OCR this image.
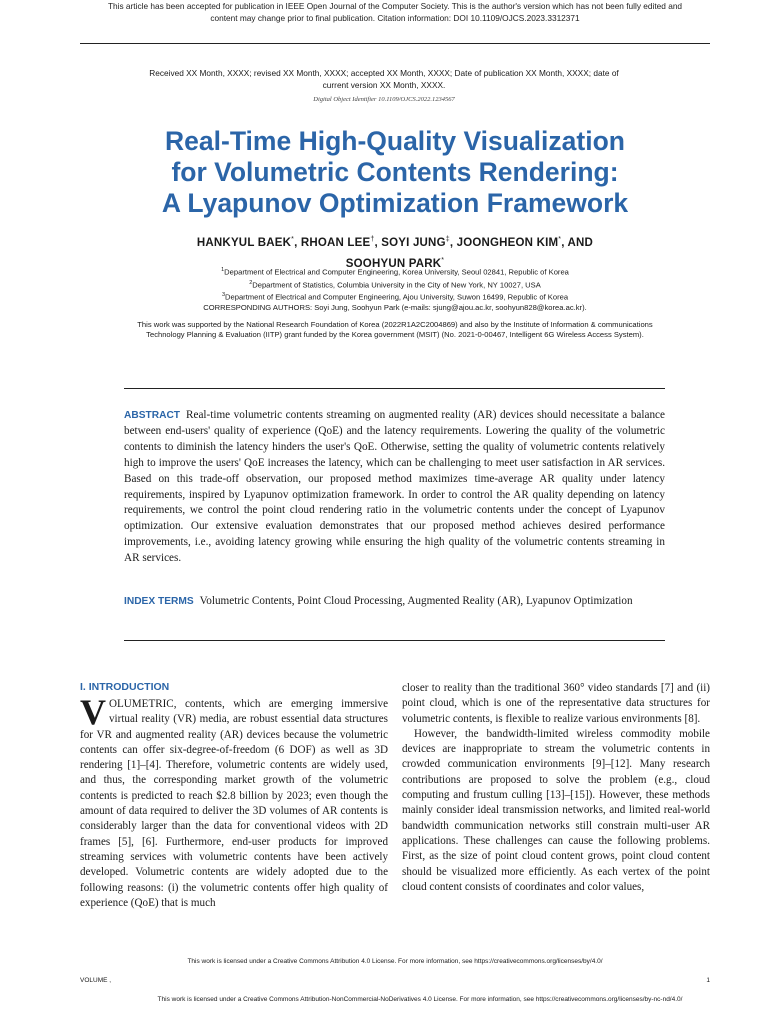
This article has been accepted for publication in IEEE Open Journal of the Computer Society. This is the author's version which has not been fully edited and
content may change prior to final publication. Citation information: DOI 10.1109/OJCS.2023.3312371
Received XX Month, XXXX; revised XX Month, XXXX; accepted XX Month, XXXX; Date of publication XX Month, XXXX; date of
current version XX Month, XXXX.
Digital Object Identifier 10.1109/OJCS.2022.1234567
Real-Time High-Quality Visualization
for Volumetric Contents Rendering:
A Lyapunov Optimization Framework
HANKYUL BAEK*, RHOAN LEE†, SOYI JUNG‡, JOONGHEON KIM*, AND
SOOHYUN PARK*
$^1$Department of Electrical and Computer Engineering, Korea University, Seoul 02841, Republic of Korea
$^2$Department of Statistics, Columbia University in the City of New York, NY 10027, USA
$^3$Department of Electrical and Computer Engineering, Ajou University, Suwon 16499, Republic of Korea
CORRESPONDING AUTHORS: Soyi Jung, Soohyun Park (e-mails: sjung@ajou.ac.kr, soohyun828@korea.ac.kr).
This work was supported by the National Research Foundation of Korea (2022R1A2C2004869) and also by the Institute of Information & communications Technology Planning & Evaluation (IITP) grant funded by the Korea government (MSIT) (No. 2021-0-00467, Intelligent 6G Wireless Access System).
ABSTRACT Real-time volumetric contents streaming on augmented reality (AR) devices should necessitate a balance between end-users' quality of experience (QoE) and the latency requirements. Lowering the quality of the volumetric contents to diminish the latency hinders the user's QoE. Otherwise, setting the quality of volumetric contents relatively high to improve the users' QoE increases the latency, which can be challenging to meet user satisfaction in AR services. Based on this trade-off observation, our proposed method maximizes time-average AR quality under latency requirements, inspired by Lyapunov optimization framework. In order to control the AR quality depending on latency requirements, we control the point cloud rendering ratio in the volumetric contents under the concept of Lyapunov optimization. Our extensive evaluation demonstrates that our proposed method achieves desired performance improvements, i.e., avoiding latency growing while ensuring the high quality of the volumetric contents streaming in AR services.
INDEX TERMS Volumetric Contents, Point Cloud Processing, Augmented Reality (AR), Lyapunov Optimization
I. INTRODUCTION

VOLUMETRIC, contents, which are emerging immersive virtual reality (VR) media, are robust essential data structures for VR and augmented reality (AR) devices because the volumetric contents can offer six-degree-of-freedom (6 DOF) as well as 3D rendering [1]–[4]. Therefore, volumetric contents are widely used, and thus, the corresponding market growth of the volumetric contents is predicted to reach $2.8 billion by 2023; even though the amount of data required to deliver the 3D volumes of AR contents is considerably larger than the data for conventional videos with 2D frames [5], [6]. Furthermore, end-user products for improved streaming services with volumetric contents have been actively developed. Volumetric contents are widely adopted due to the following reasons: (i) the volumetric contents offer high quality of experience (QoE) that is much

closer to reality than the traditional 360° video standards [7] and (ii) point cloud, which is one of the representative data structures for volumetric contents, is flexible to realize various environments [8].

However, the bandwidth-limited wireless commodity mobile devices are inappropriate to stream the volumetric contents in crowded communication environments [9]–[12]. Many research contributions are proposed to solve the problem (e.g., cloud computing and frustum culling [13]–[15]). However, these methods mainly consider ideal transmission networks, and limited real-world bandwidth communication networks still constrain multi-user AR applications. These challenges can cause the following problems. First, as the size of point cloud content grows, point cloud content should be visualized more efficiently. As each vertex of the point cloud content consists of coordinates and color values,

This work is licensed under a Creative Commons Attribution 4.0 License. For more information, see https://creativecommons.org/licenses/by/4.0/
VOLUME ,	1
This work is licensed under a Creative Commons Attribution-NonCommercial-NoDerivatives 4.0 License. For more information, see https://creativecommons.org/licenses/by-nc-nd/4.0/
